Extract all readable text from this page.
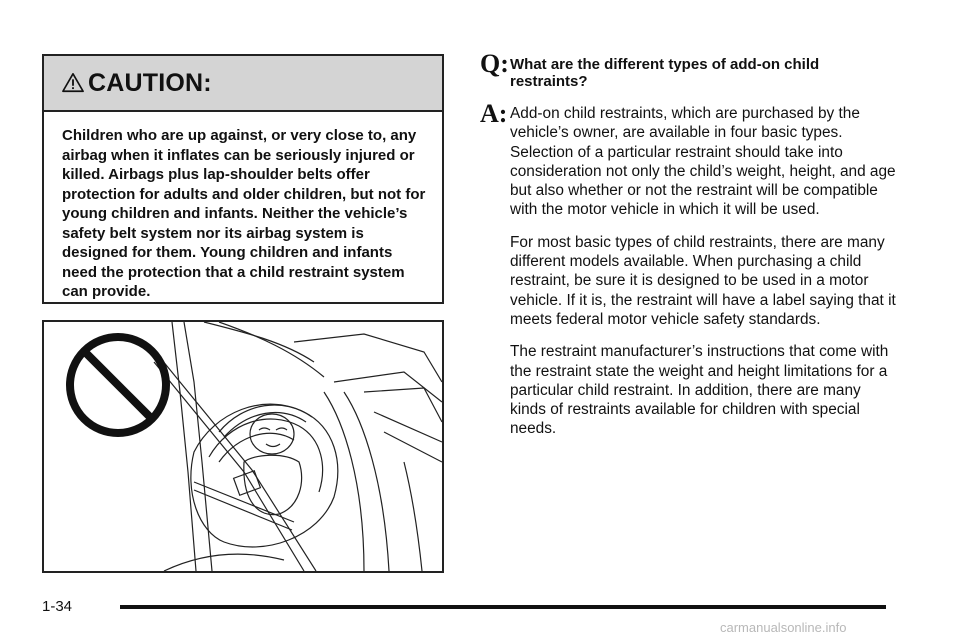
CAUTION:
Children who are up against, or very close to, any airbag when it inflates can be seriously injured or killed. Airbags plus lap-shoulder belts offer protection for adults and older children, but not for young children and infants. Neither the vehicle’s safety belt system nor its airbag system is designed for them. Young children and infants need the protection that a child restraint system can provide.
Q: What are the different types of add-on child restraints?
A: Add-on child restraints, which are purchased by the vehicle’s owner, are available in four basic types. Selection of a particular restraint should take into consideration not only the child’s weight, height, and age but also whether or not the restraint will be compatible with the motor vehicle in which it will be used.

For most basic types of child restraints, there are many different models available. When purchasing a child restraint, be sure it is designed to be used in a motor vehicle. If it is, the restraint will have a label saying that it meets federal motor vehicle safety standards.

The restraint manufacturer’s instructions that come with the restraint state the weight and height limitations for a particular child restraint. In addition, there are many kinds of restraints available for children with special needs.

1-34
carmanualsonline.info
